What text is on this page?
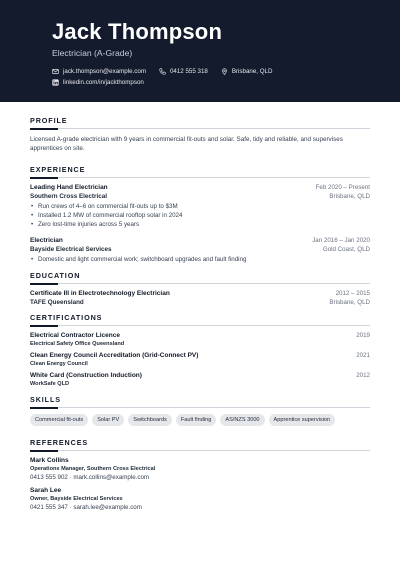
Jack Thompson
Electrician (A-Grade)
jack.thompson@example.com	0412 555 318	Brisbane, QLD
linkedin.com/in/jackthompson
PROFILE

Licensed A-grade electrician with 9 years in commercial fit-outs and solar. Safe, tidy and reliable, and supervises apprentices on site.

EXPERIENCE
Leading Hand Electrician	Feb 2020 – Present
Southern Cross Electrical	Brisbane, QLD
• Run crews of 4–6 on commercial fit-outs up to $3M
• Installed 1.2 MW of commercial rooftop solar in 2024
• Zero lost-time injuries across 5 years
Electrician	Jan 2016 – Jan 2020
Bayside Electrical Services	Gold Coast, QLD
• Domestic and light commercial work; switchboard upgrades and fault finding
EDUCATION
Certificate III in Electrotechnology Electrician	2012 – 2015
TAFE Queensland	Brisbane, QLD
CERTIFICATIONS
Electrical Contractor Licence	2019
Electrical Safety Office Queensland
Clean Energy Council Accreditation (Grid-Connect PV)	2021
Clean Energy Council
White Card (Construction Induction)	2012
WorkSafe QLD
SKILLS
Commercial fit-outs	Solar PV	Switchboards	Fault finding	AS/NZS 3000	Apprentice supervision
REFERENCES
Mark Collins
Operations Manager, Southern Cross Electrical
0413 555 902 · mark.collins@example.com
Sarah Lee
Owner, Bayside Electrical Services
0421 555 347 · sarah.lee@example.com
